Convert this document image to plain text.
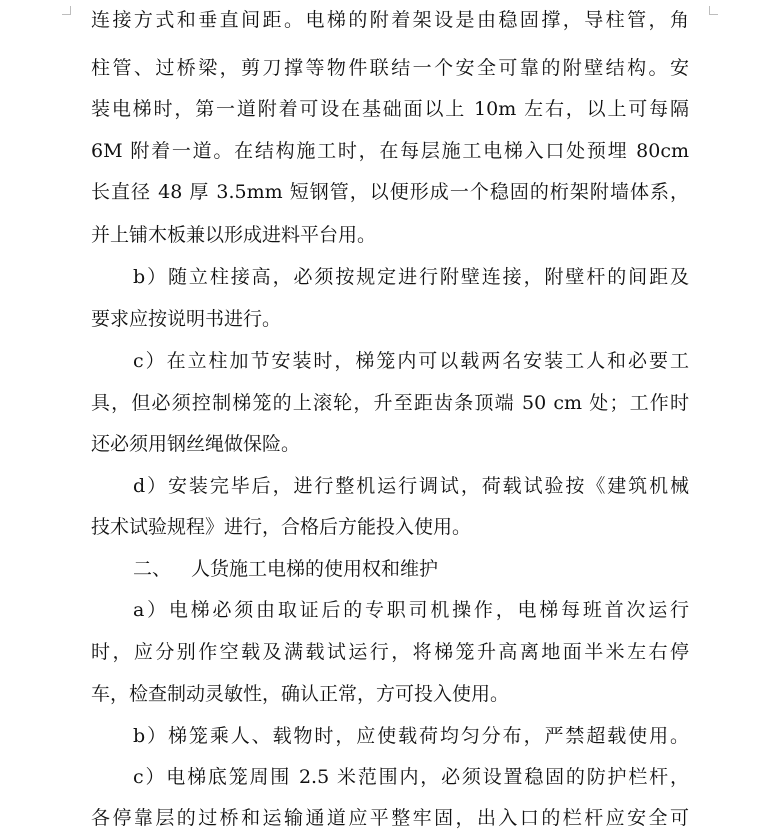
连接方式和垂直间距。电梯的附着架设是由稳固撑，导柱管，角
柱管、过桥梁，剪刀撑等物件联结一个安全可靠的附壁结构。安
装电梯时，第一道附着可设在基础面以上 10m 左右，以上可每隔
6M 附着一道。在结构施工时，在每层施工电梯入口处预埋 80cm
长直径 48 厚 3.5mm 短钢管，以便形成一个稳固的桁架附墙体系，
并上铺木板兼以形成进料平台用。
b）随立柱接高，必须按规定进行附壁连接，附壁杆的间距及
要求应按说明书进行。
c）在立柱加节安装时，梯笼内可以载两名安装工人和必要工
具，但必须控制梯笼的上滚轮，升至距齿条顶端 50 cm 处；工作时
还必须用钢丝绳做保险。
d）安装完毕后，进行整机运行调试，荷载试验按《建筑机械
技术试验规程》进行，合格后方能投入使用。
二、 人货施工电梯的使用权和维护
a）电梯必须由取证后的专职司机操作，电梯每班首次运行
时，应分别作空载及满载试运行，将梯笼升高离地面半米左右停
车，检查制动灵敏性，确认正常，方可投入使用。
b）梯笼乘人、载物时，应使载荷均匀分布，严禁超载使用。
c）电梯底笼周围 2.5 米范围内，必须设置稳固的防护栏杆，
各停靠层的过桥和运输通道应平整牢固，出入口的栏杆应安全可
